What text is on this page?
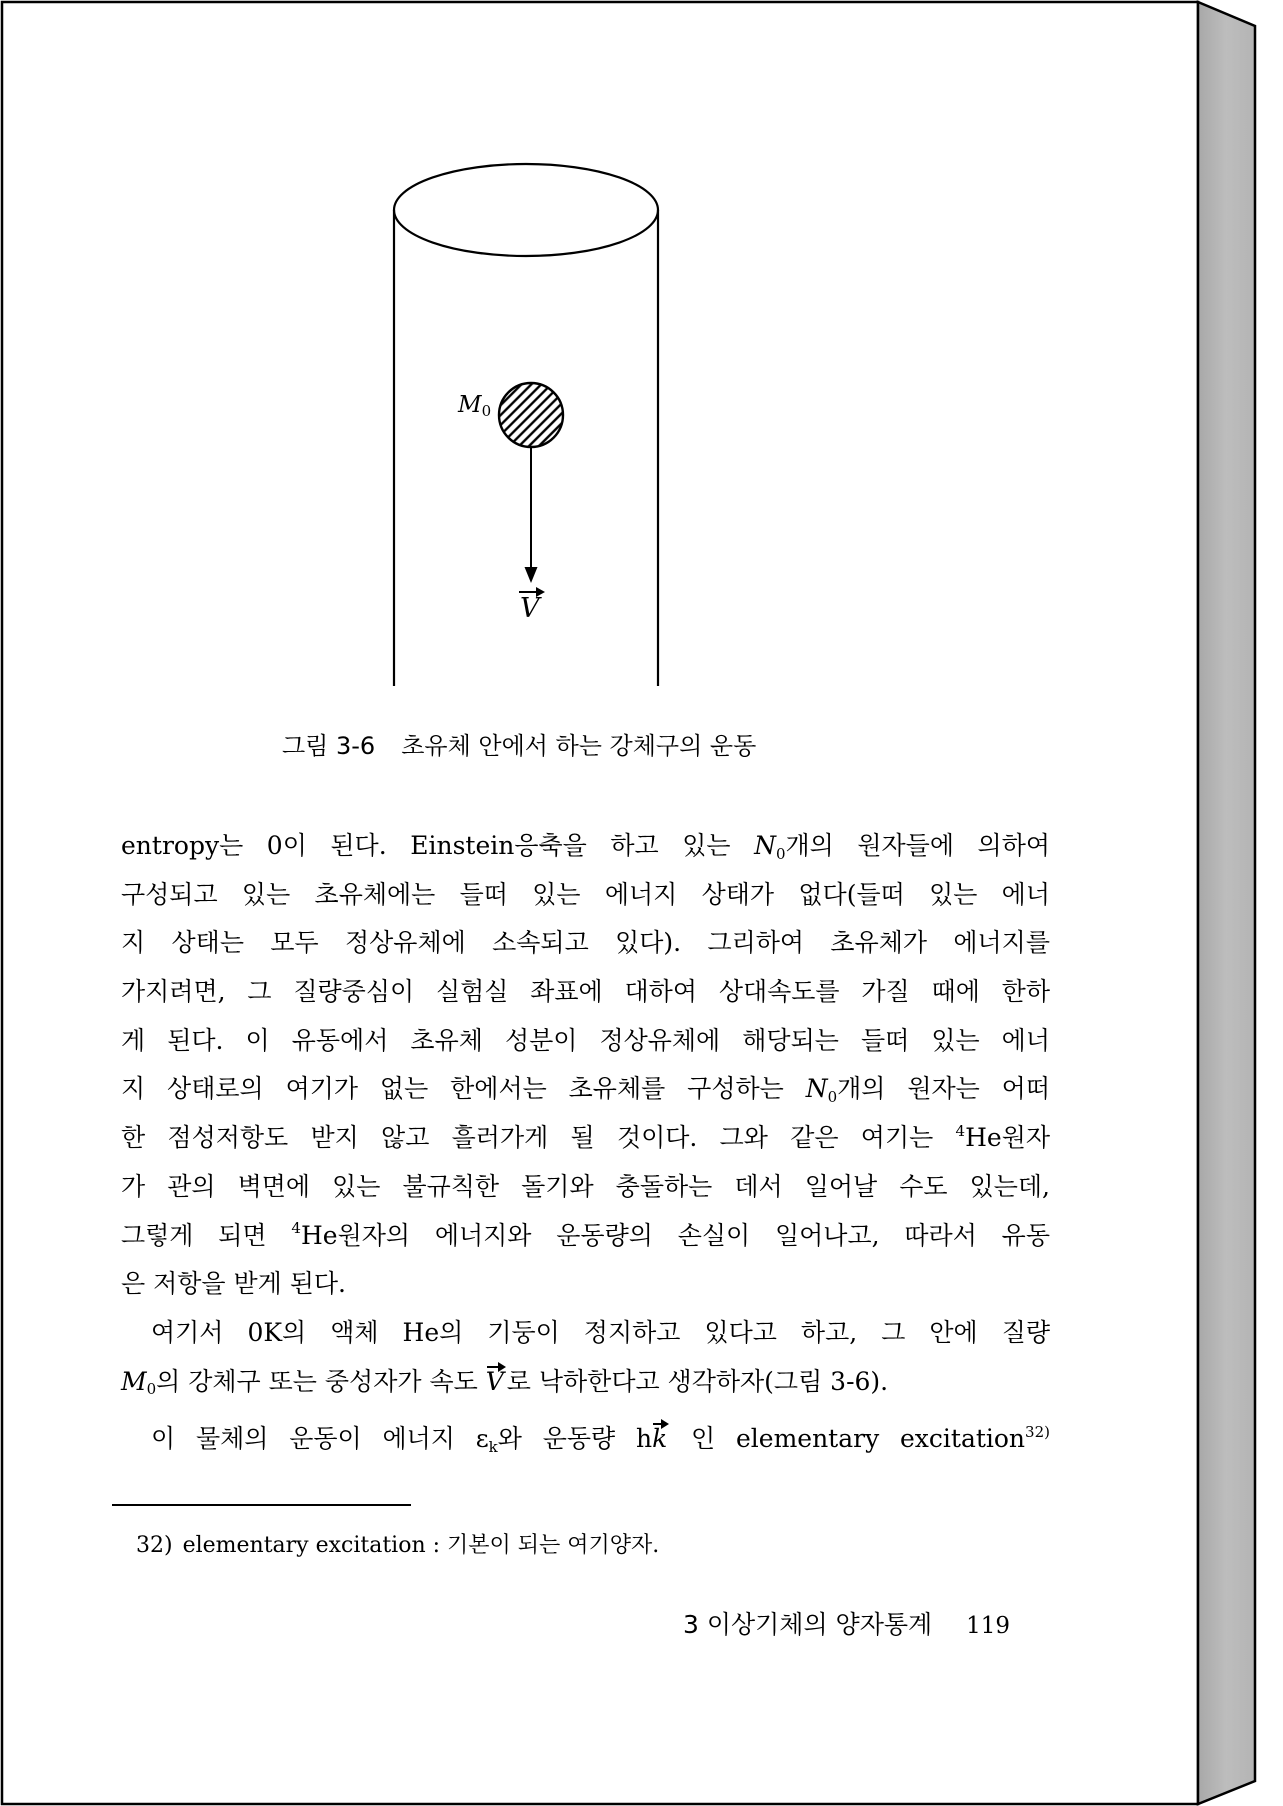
M0
V
그림 3-6 초유체 안에서 하는 강체구의 운동
entropy는 0이 된다. Einstein응축을 하고 있는 $N_0$개의 원자들에 의하여
구성되고 있는 초유체에는 들떠 있는 에너지 상태가 없다(들떠 있는 에너
지 상태는 모두 정상유체에 소속되고 있다). 그리하여 초유체가 에너지를
가지려면, 그 질량중심이 실험실 좌표에 대하여 상대속도를 가질 때에 한하
게 된다. 이 유동에서 초유체 성분이 정상유체에 해당되는 들떠 있는 에너
지 상태로의 여기가 없는 한에서는 초유체를 구성하는 $N_0$개의 원자는 어떠
한 점성저항도 받지 않고 흘러가게 될 것이다. 그와 같은 여기는 $^4$He원자
가 관의 벽면에 있는 불규칙한 돌기와 충돌하는 데서 일어날 수도 있는데,
그렇게 되면 $^4$He원자의 에너지와 운동량의 손실이 일어나고, 따라서 유동
은 저항을 받게 된다.
여기서 0K의 액체 He의 기둥이 정지하고 있다고 하고, 그 안에 질량
$M_0$의 강체구 또는 중성자가 속도 V 로 낙하한다고 생각하자(그림 3-6).
이 물체의 운동이 에너지 $\varepsilon_k$와 운동량 hk 인 elementary excitation$^{32)}$
32) elementary excitation : 기본이 되는 여기양자.
3 이상기체의 양자통계 119
